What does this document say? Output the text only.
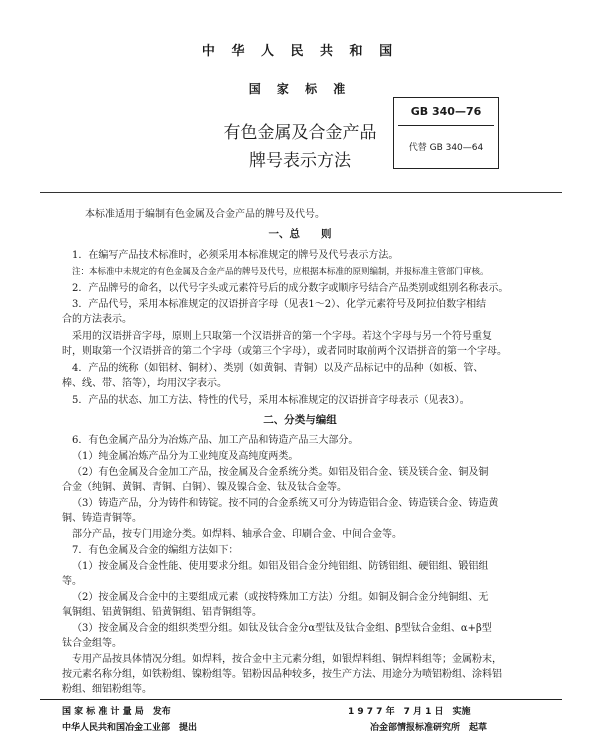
中 华 人 民 共 和 国
国 家 标 准
有色金属及合金产品
牌号表示方法
GB 340—76
代替 GB 340—64
本标准适用于编制有色金属及合金产品的牌号及代号。
一、总　　则
1．在编写产品技术标准时，必须采用本标准规定的牌号及代号表示方法。
注：本标准中未规定的有色金属及合金产品的牌号及代号，应根据本标准的原则编制，并报标准主管部门审核。
2．产品牌号的命名，以代号字头或元素符号后的成分数字或顺序号结合产品类别或组别名称表示。
3．产品代号，采用本标准规定的汉语拼音字母（见表1～2）、化学元素符号及阿拉伯数字相结
合的方法表示。
采用的汉语拼音字母，原则上只取第一个汉语拼音的第一个字母。若这个字母与另一个符号重复
时，则取第一个汉语拼音的第二个字母（或第三个字母），或者同时取前两个汉语拼音的第一个字母。
4．产品的统称（如铝材、铜材）、类别（如黄铜、青铜）以及产品标记中的品种（如板、管、
棒、线、带、箔等），均用汉字表示。
5．产品的状态、加工方法、特性的代号，采用本标准规定的汉语拼音字母表示（见表3）。
二、分类与编组
6．有色金属产品分为冶炼产品、加工产品和铸造产品三大部分。
（1）纯金属冶炼产品分为工业纯度及高纯度两类。
（2）有色金属及合金加工产品，按金属及合金系统分类。如铝及铝合金、镁及镁合金、铜及铜
合金（纯铜、黄铜、青铜、白铜）、镍及镍合金、钛及钛合金等。
（3）铸造产品，分为铸件和铸锭。按不同的合金系统又可分为铸造铝合金、铸造镁合金、铸造黄
铜、铸造青铜等。
部分产品，按专门用途分类。如焊料、轴承合金、印刷合金、中间合金等。
7．有色金属及合金的编组方法如下：
（1）按金属及合金性能、使用要求分组。如铝及铝合金分纯铝组、防锈铝组、硬铝组、锻铝组
等。
（2）按金属及合金中的主要组成元素（或按特殊加工方法）分组。如铜及铜合金分纯铜组、无
氧铜组、铝黄铜组、铅黄铜组、铝青铜组等。
（3）按金属及合金的组织类型分组。如钛及钛合金分α型钛及钛合金组、β型钛合金组、α+β型
钛合金组等。
专用产品按具体情况分组。如焊料，按合金中主元素分组，如银焊料组、铜焊料组等；金属粉末，
按元素名称分组，如铁粉组、镍粉组等。铝粉因品种较多，按生产方法、用途分为喷铝粉组、涂料铝
粉组、细铝粉组等。
国 家 标 准 计 量 局　发布	1 9 7 7 年　7 月 1 日　实施
中华人民共和国冶金工业部　提出	冶金部情报标准研究所　起草
